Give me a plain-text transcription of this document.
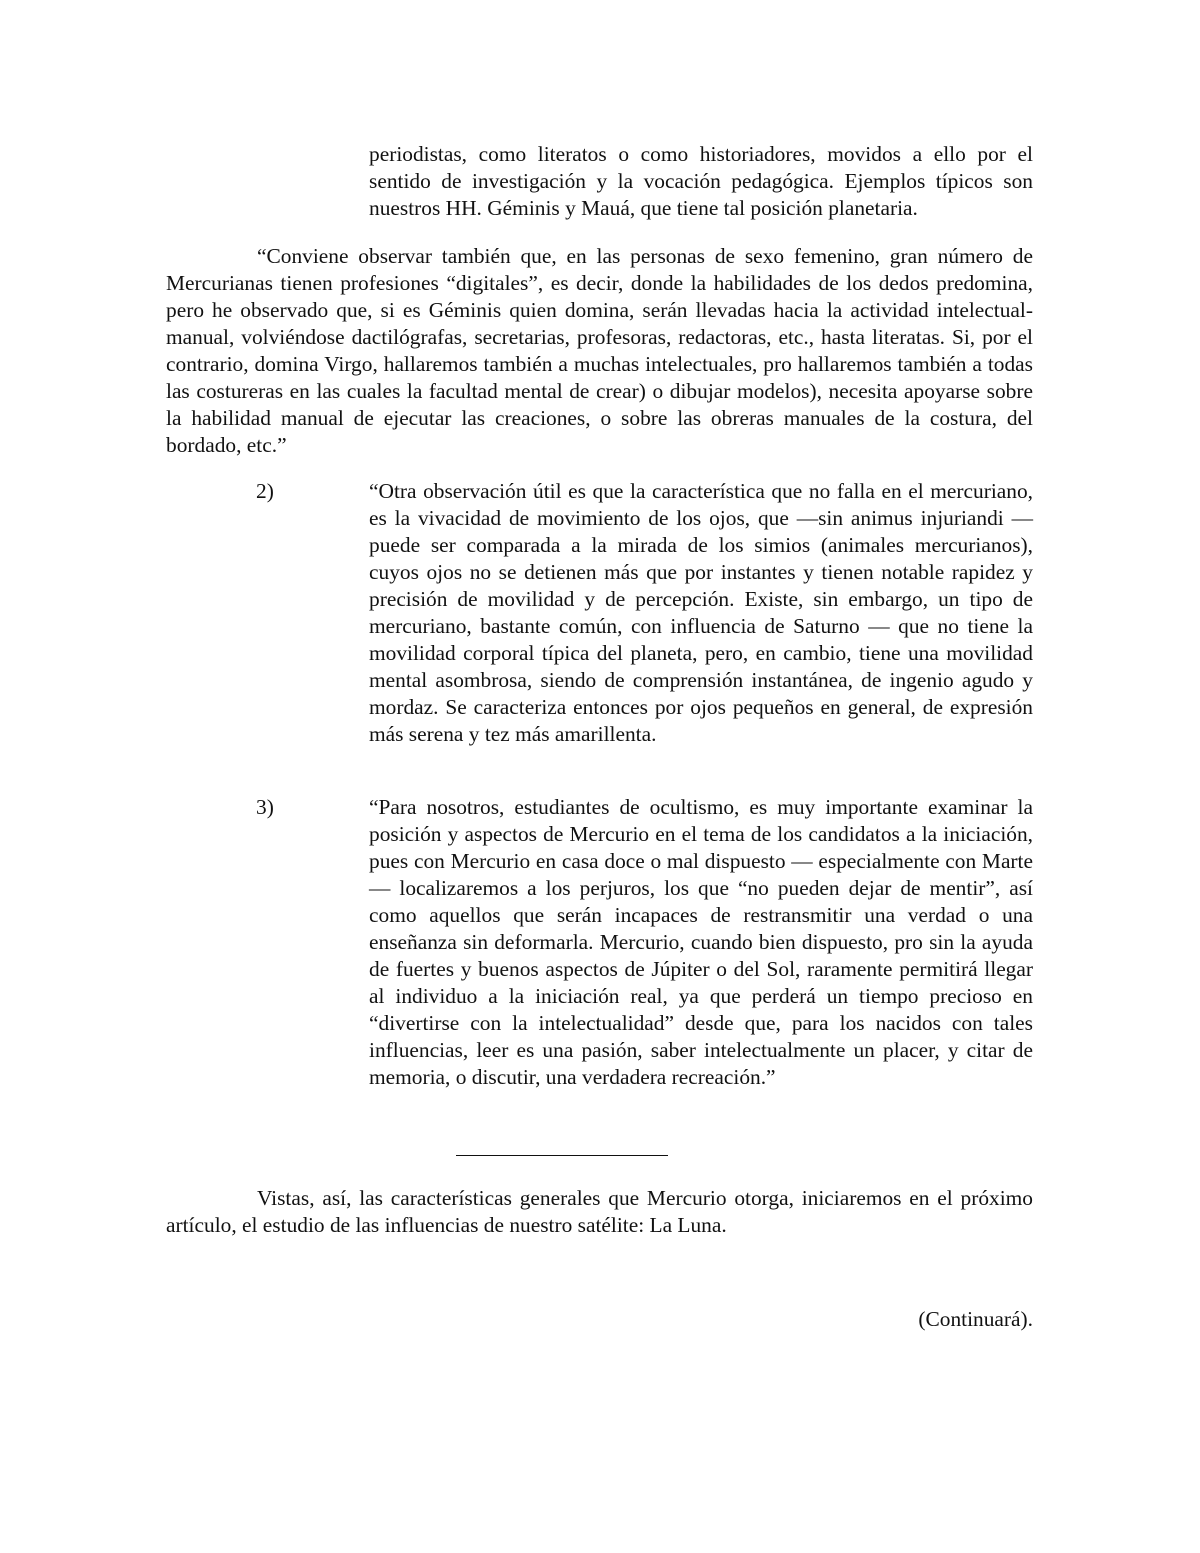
periodistas, como literatos o como historiadores, movidos a ello por el sentido de investigación y la vocación pedagógica. Ejemplos típicos son nuestros HH. Géminis y Mauá, que tiene tal posición planetaria.

“Conviene observar también que, en las personas de sexo femenino, gran número de Mercurianas tienen profesiones “digitales”, es decir, donde la habilidades de los dedos predomina, pero he observado que, si es Géminis quien domina, serán llevadas hacia la actividad intelectual-manual, volviéndose dactilógrafas, secretarias, profesoras, redactoras, etc., hasta literatas. Si, por el contrario, domina Virgo, hallaremos también a muchas intelectuales, pro hallaremos también a todas las costureras en las cuales la facultad mental de crear) o dibujar modelos), necesita apoyarse sobre la habilidad manual de ejecutar las creaciones, o sobre las obreras manuales de la costura, del bordado, etc.”

2)	“Otra observación útil es que la característica que no falla en el mercuriano, es la vivacidad de movimiento de los ojos, que —sin animus injuriandi — puede ser comparada a la mirada de los simios (animales mercurianos), cuyos ojos no se detienen más que por instantes y tienen notable rapidez y precisión de movilidad y de percepción. Existe, sin embargo, un tipo de mercuriano, bastante común, con influencia de Saturno — que no tiene la movilidad corporal típica del planeta, pero, en cambio, tiene una movilidad mental asombrosa, siendo de comprensión instantánea, de ingenio agudo y mordaz. Se caracteriza entonces por ojos pequeños en general, de expresión más serena y tez más amarillenta.

3)	“Para nosotros, estudiantes de ocultismo, es muy importante examinar la posición y aspectos de Mercurio en el tema de los candidatos a la iniciación, pues con Mercurio en casa doce o mal dispuesto — especialmente con Marte — localizaremos a los perjuros, los que “no pueden dejar de mentir”, así como aquellos que serán incapaces de restransmitir una verdad o una enseñanza sin deformarla. Mercurio, cuando bien dispuesto, pro sin la ayuda de fuertes y buenos aspectos de Júpiter o del Sol, raramente permitirá llegar al individuo a la iniciación real, ya que perderá un tiempo precioso en “divertirse con la intelectualidad” desde que, para los nacidos con tales influencias, leer es una pasión, saber intelectualmente un placer, y citar de memoria, o discutir, una verdadera recreación.”

Vistas, así, las características generales que Mercurio otorga, iniciaremos en el próximo artículo, el estudio de las influencias de nuestro satélite: La Luna.

(Continuará).
